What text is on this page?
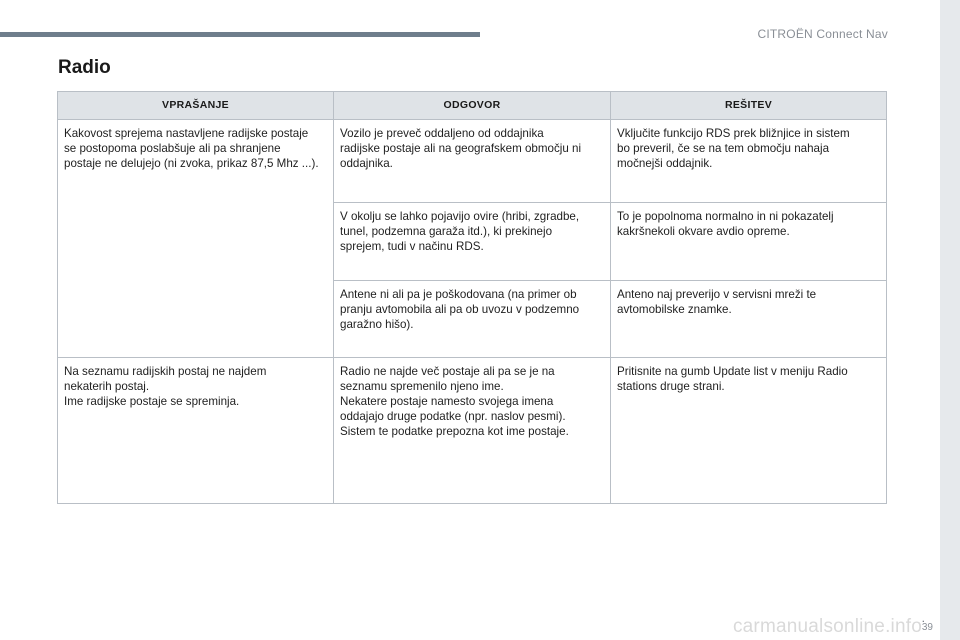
CITROËN Connect Nav
Radio
VPRAŠANJE	ODGOVOR	REŠITEV

Kakovost sprejema nastavljene radijske postaje
se postopoma poslabšuje ali pa shranjene
postaje ne delujejo (ni zvoka, prikaz 87,5 Mhz ...).	Vozilo je preveč oddaljeno od oddajnika
radijske postaje ali na geografskem območju ni
oddajnika.	Vključite funkcijo RDS prek bližnjice in sistem
bo preveril, če se na tem območju nahaja
močnejši oddajnik.

	V okolju se lahko pojavijo ovire (hribi, zgradbe,
tunel, podzemna garaža itd.), ki prekinejo
sprejem, tudi v načinu RDS.	To je popolnoma normalno in ni pokazatelj
kakršnekoli okvare avdio opreme.

	Antene ni ali pa je poškodovana (na primer ob
pranju avtomobila ali pa ob uvozu v podzemno
garažno hišo).	Anteno naj preverijo v servisni mreži te
avtomobilske znamke.

Na seznamu radijskih postaj ne najdem
nekaterih postaj.
Ime radijske postaje se spreminja.	Radio ne najde več postaje ali pa se je na
seznamu spremenilo njeno ime.
Nekatere postaje namesto svojega imena
oddajajo druge podatke (npr. naslov pesmi).
Sistem te podatke prepozna kot ime postaje.	Pritisnite na gumb Update list v meniju Radio
stations druge strani.
.
39
carmanualsonline.info
